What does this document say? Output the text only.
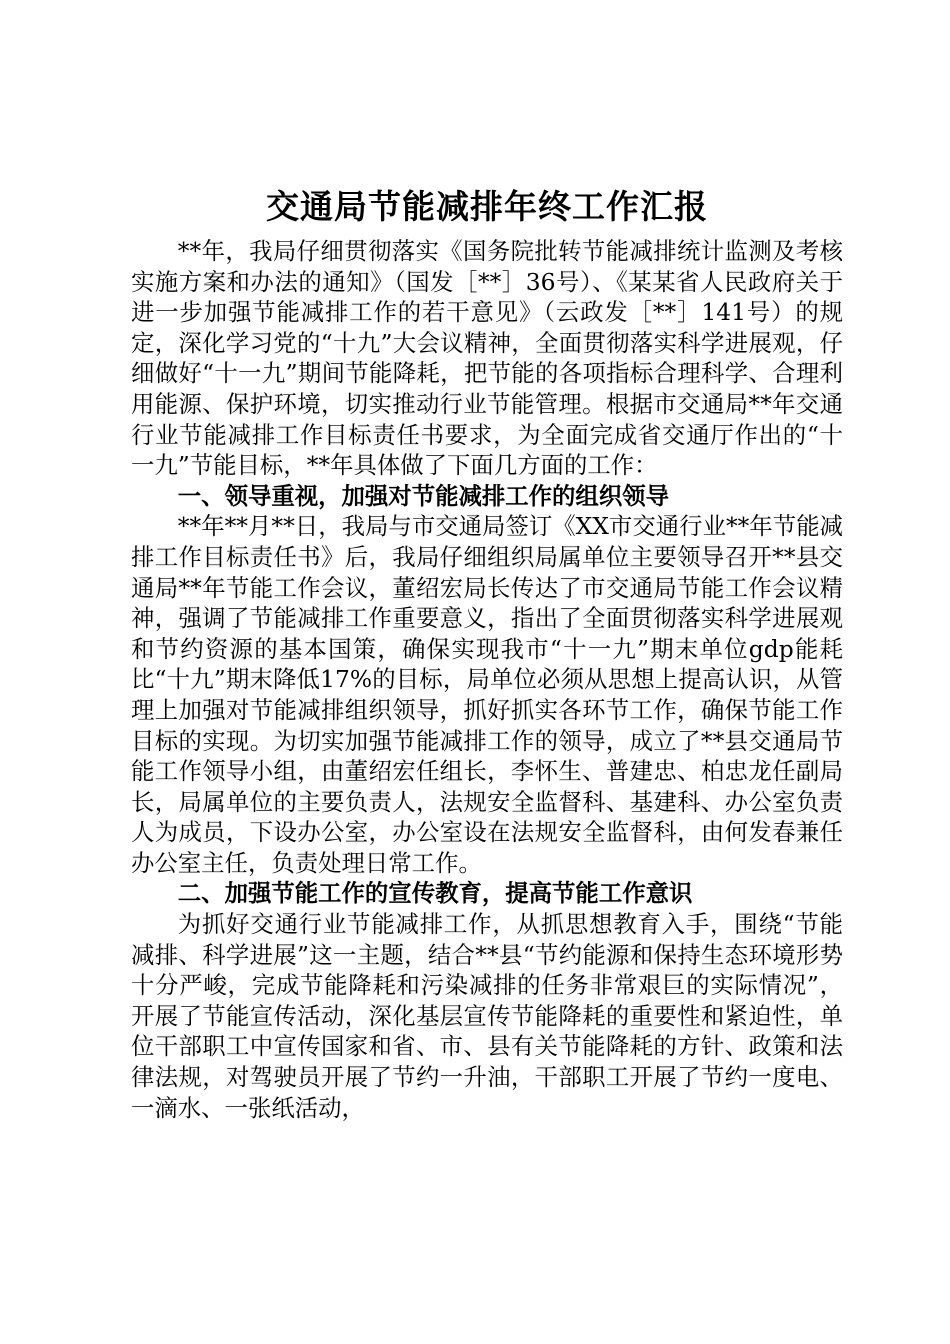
交通局节能减排年终工作汇报

**年，我局仔细贯彻落实《国务院批转节能减排统计监测及考核实施方案和办法的通知》（国发［**］36号）、《某某省人民政府关于进一步加强节能减排工作的若干意见》（云政发［**］141号）的规定，深化学习党的“十九”大会议精神，全面贯彻落实科学进展观，仔细做好“十一九”期间节能降耗，把节能的各项指标合理科学、合理利用能源、保护环境，切实推动行业节能管理。根据市交通局**年交通行业节能减排工作目标责任书要求，为全面完成省交通厅作出的“十一九”节能目标，**年具体做了下面几方面的工作：

一、领导重视，加强对节能减排工作的组织领导

**年**月**日，我局与市交通局签订《XX市交通行业**年节能减排工作目标责任书》后，我局仔细组织局属单位主要领导召开**县交通局**年节能工作会议，董绍宏局长传达了市交通局节能工作会议精神，强调了节能减排工作重要意义，指出了全面贯彻落实科学进展观和节约资源的基本国策，确保实现我市“十一九”期末单位gdp能耗比“十九”期末降低17%的目标，局单位必须从思想上提高认识，从管理上加强对节能减排组织领导，抓好抓实各环节工作，确保节能工作目标的实现。为切实加强节能减排工作的领导，成立了**县交通局节能工作领导小组，由董绍宏任组长，李怀生、普建忠、柏忠龙任副局长，局属单位的主要负责人，法规安全监督科、基建科、办公室负责人为成员，下设办公室，办公室设在法规安全监督科，由何发春兼任办公室主任，负责处理日常工作。

二、加强节能工作的宣传教育，提高节能工作意识

为抓好交通行业节能减排工作，从抓思想教育入手，围绕“节能减排、科学进展”这一主题，结合**县“节约能源和保持生态环境形势十分严峻，完成节能降耗和污染减排的任务非常艰巨的实际情况”，开展了节能宣传活动，深化基层宣传节能降耗的重要性和紧迫性，单位干部职工中宣传国家和省、市、县有关节能降耗的方针、政策和法律法规，对驾驶员开展了节约一升油，干部职工开展了节约一度电、一滴水、一张纸活动，
